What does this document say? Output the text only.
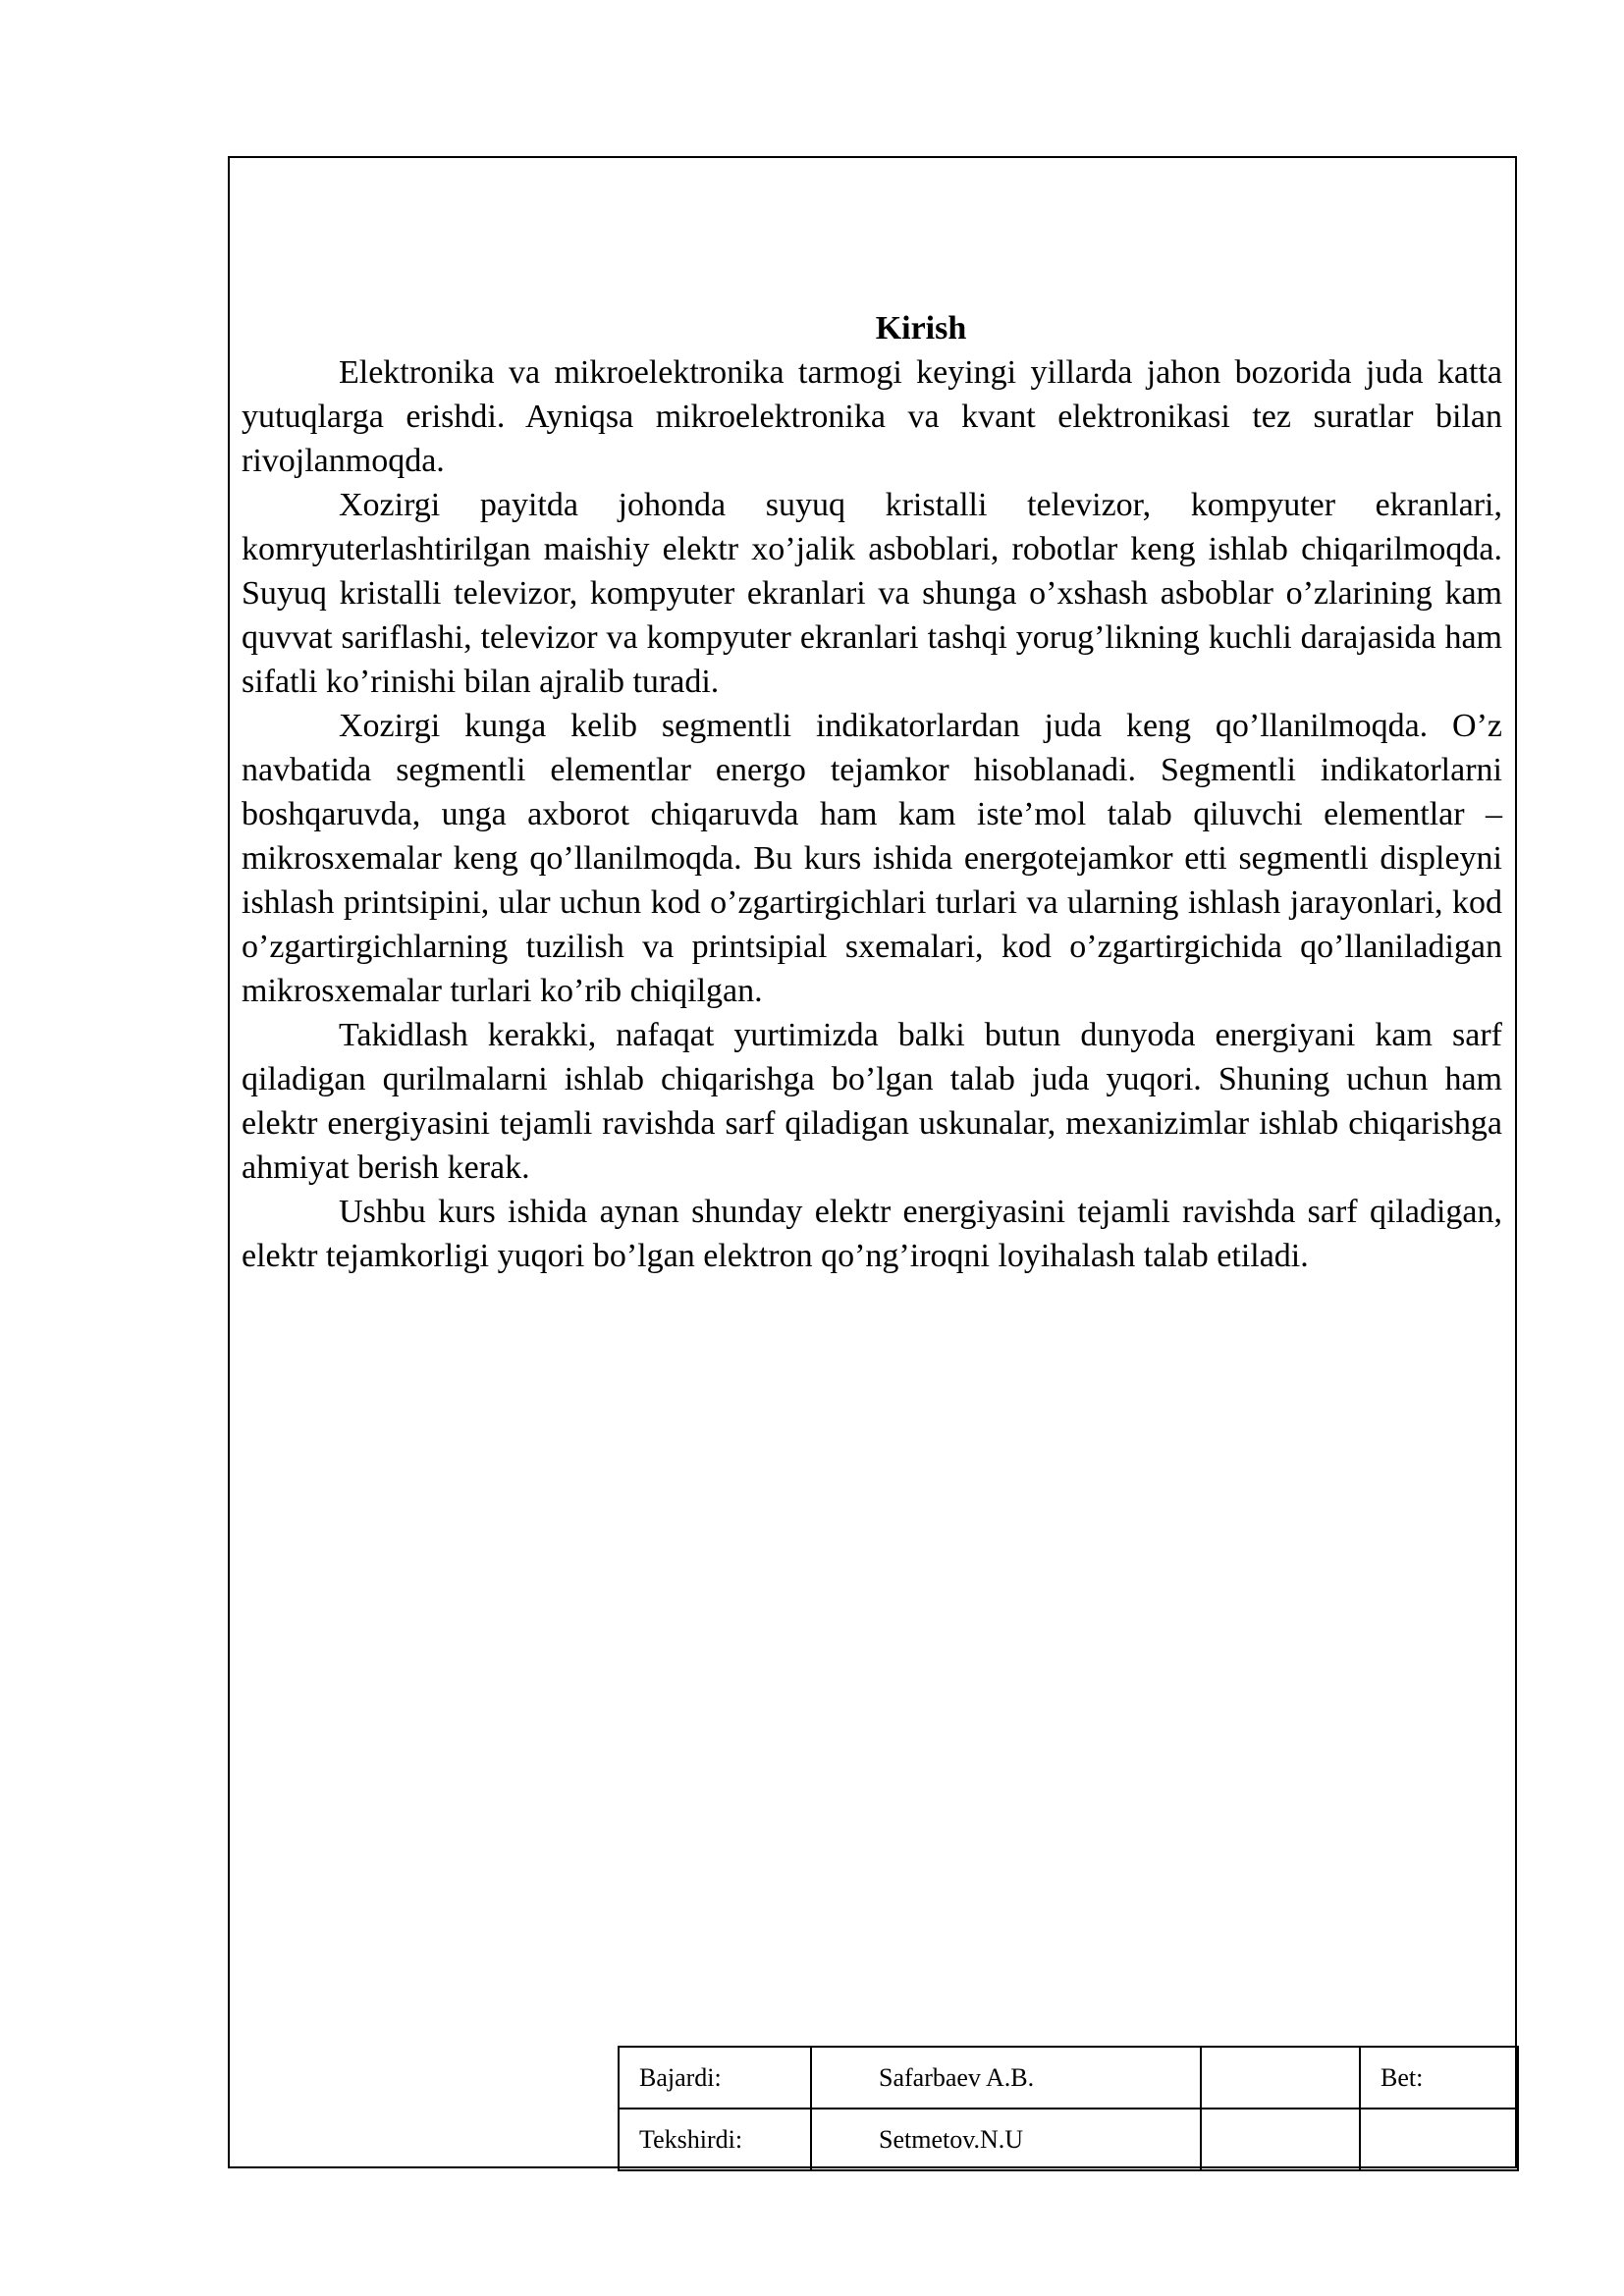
Kirish

Elektronika va mikroelektronika tarmogi keyingi yillarda jahon bozorida juda katta yutuqlarga erishdi. Ayniqsa mikroelektronika va kvant elektronikasi tez suratlar bilan rivojlanmoqda.

Xozirgi payitda johonda suyuq kristalli televizor, kompyuter ekranlari, komryuterlashtirilgan maishiy elektr xo’jalik asboblari, robotlar keng ishlab chiqarilmoqda. Suyuq kristalli televizor, kompyuter ekranlari va shunga o’xshash asboblar o’zlarining kam quvvat sariflashi, televizor va kompyuter ekranlari tashqi yorug’likning kuchli darajasida ham sifatli ko’rinishi bilan ajralib turadi.

Xozirgi kunga kelib segmentli indikatorlardan juda keng qo’llanilmoqda. O’z navbatida segmentli elementlar energo tejamkor hisoblanadi. Segmentli indikatorlarni boshqaruvda, unga axborot chiqaruvda ham kam iste’mol talab qiluvchi elementlar – mikrosxemalar keng qo’llanilmoqda. Bu kurs ishida energotejamkor etti segmentli displeyni ishlash printsipini, ular uchun kod o’zgartirgichlari turlari va ularning ishlash jarayonlari, kod o’zgartirgichlarning tuzilish va printsipial sxemalari, kod o’zgartirgichida qo’llaniladigan mikrosxemalar turlari ko’rib chiqilgan.

Takidlash kerakki, nafaqat yurtimizda balki butun dunyoda energiyani kam sarf qiladigan qurilmalarni ishlab chiqarishga bo’lgan talab juda yuqori. Shuning uchun ham elektr energiyasini tejamli ravishda sarf qiladigan uskunalar, mexanizimlar ishlab chiqarishga ahmiyat berish kerak.

Ushbu kurs ishida aynan shunday elektr energiyasini tejamli ravishda sarf qiladigan, elektr tejamkorligi yuqori bo’lgan elektron qo’ng’iroqni loyihalash talab etiladi.

Bajardi:	Safarbaev A.B.		Bet:
Tekshirdi:	Setmetov.N.U		
